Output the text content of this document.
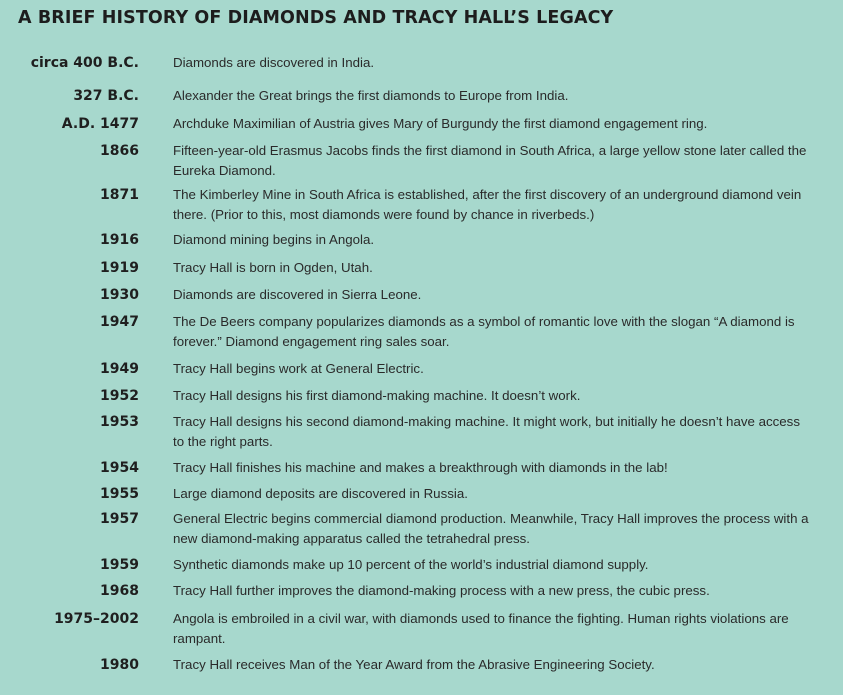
A BRIEF HISTORY OF DIAMONDS AND TRACY HALL’S LEGACY
circa 400 B.C.	Diamonds are discovered in India.
327 B.C.	Alexander the Great brings the first diamonds to Europe from India.
A.D. 1477	Archduke Maximilian of Austria gives Mary of Burgundy the first diamond engagement ring.
1866	Fifteen-year-old Erasmus Jacobs finds the first diamond in South Africa, a large yellow stone later called the Eureka Diamond.
1871	The Kimberley Mine in South Africa is established, after the first discovery of an underground diamond vein there. (Prior to this, most diamonds were found by chance in riverbeds.)
1916	Diamond mining begins in Angola.
1919	Tracy Hall is born in Ogden, Utah.
1930	Diamonds are discovered in Sierra Leone.
1947	The De Beers company popularizes diamonds as a symbol of romantic love with the slogan “A diamond is forever.” Diamond engagement ring sales soar.
1949	Tracy Hall begins work at General Electric.
1952	Tracy Hall designs his first diamond-making machine. It doesn’t work.
1953	Tracy Hall designs his second diamond-making machine. It might work, but initially he doesn’t have access to the right parts.
1954	Tracy Hall finishes his machine and makes a breakthrough with diamonds in the lab!
1955	Large diamond deposits are discovered in Russia.
1957	General Electric begins commercial diamond production. Meanwhile, Tracy Hall improves the process with a new diamond-making apparatus called the tetrahedral press.
1959	Synthetic diamonds make up 10 percent of the world’s industrial diamond supply.
1968	Tracy Hall further improves the diamond-making process with a new press, the cubic press.
1975–2002	Angola is embroiled in a civil war, with diamonds used to finance the fighting. Human rights violations are rampant.
1980	Tracy Hall receives Man of the Year Award from the Abrasive Engineering Society.
